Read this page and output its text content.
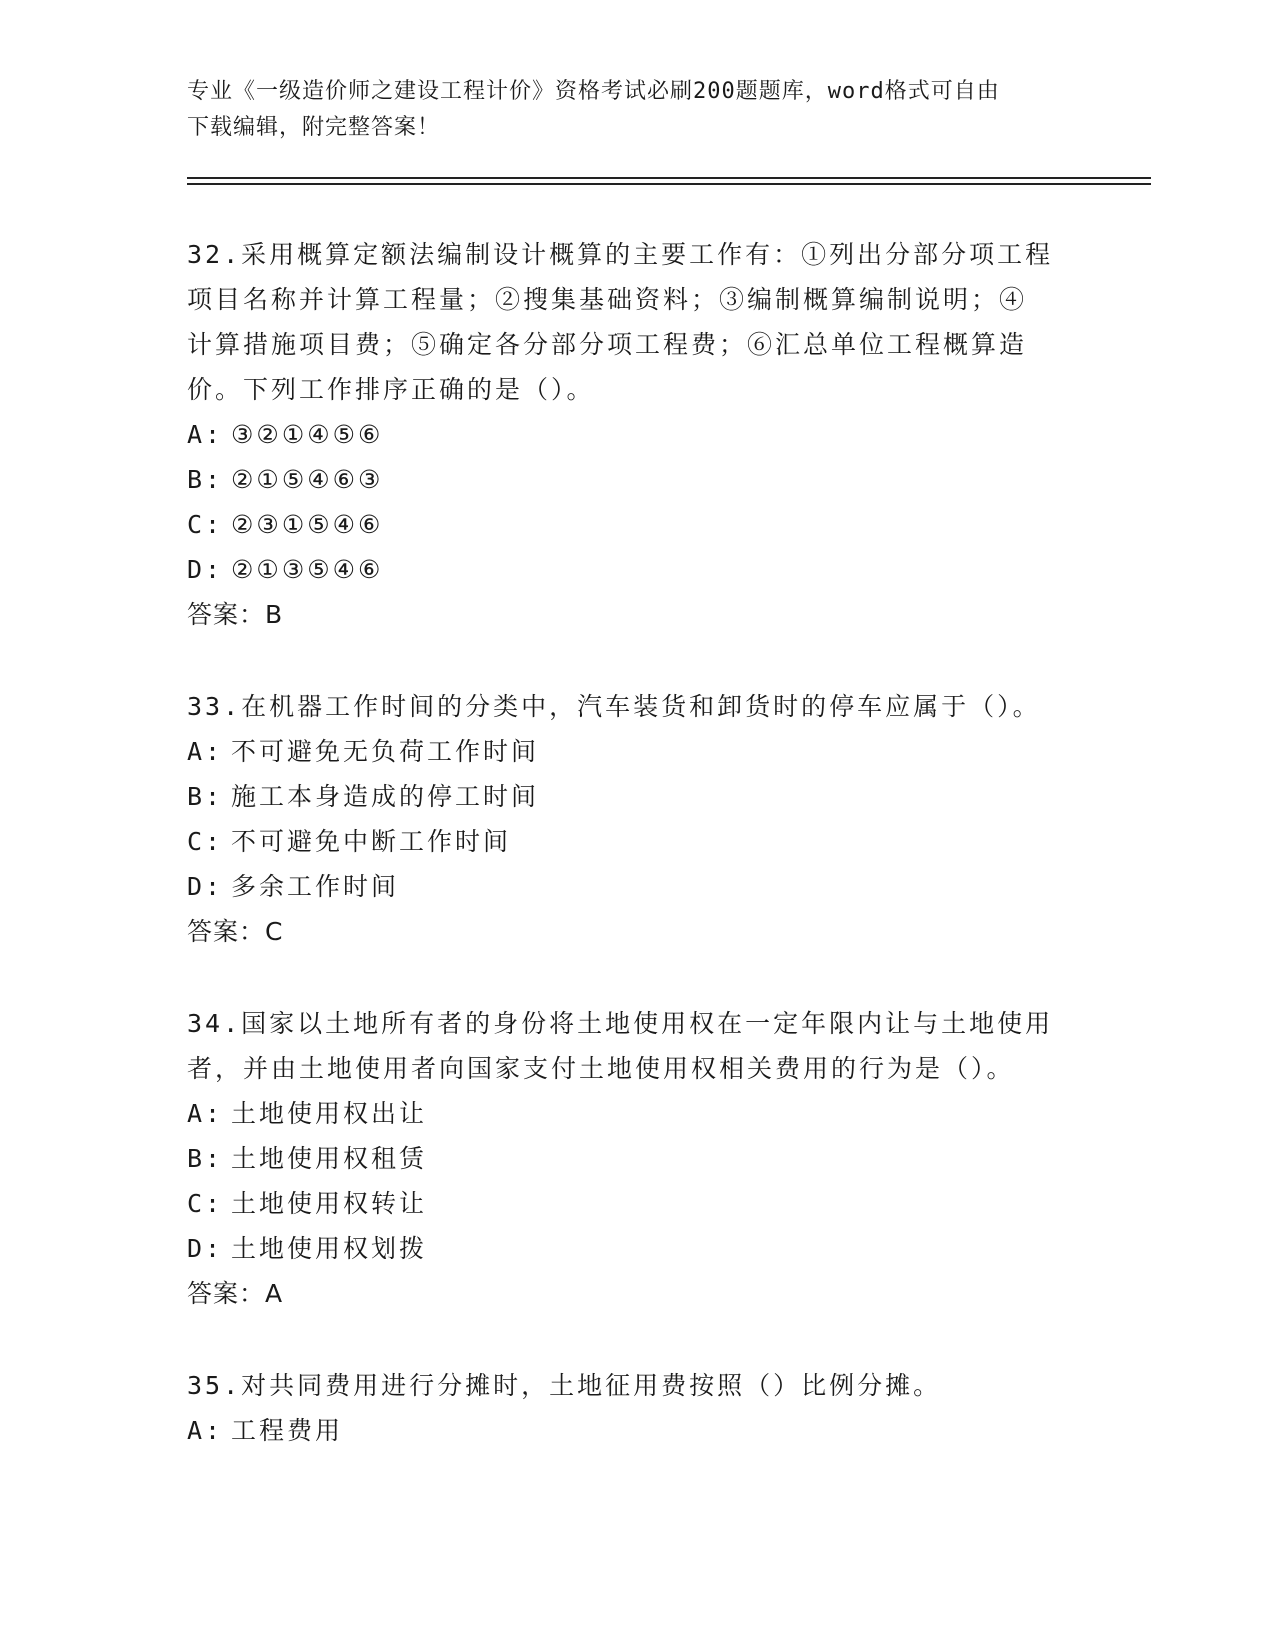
专业《一级造价师之建设工程计价》资格考试必刷200题题库，word格式可自由
下载编辑，附完整答案！
32.采用概算定额法编制设计概算的主要工作有：①列出分部分项工程
项目名称并计算工程量；②搜集基础资料；③编制概算编制说明；④
计算措施项目费；⑤确定各分部分项工程费；⑥汇总单位工程概算造
价。下列工作排序正确的是（）。
A: ③②①④⑤⑥
B: ②①⑤④⑥③
C: ②③①⑤④⑥
D: ②①③⑤④⑥
答案：B
33.在机器工作时间的分类中，汽车装货和卸货时的停车应属于（）。
A: 不可避免无负荷工作时间
B: 施工本身造成的停工时间
C: 不可避免中断工作时间
D: 多余工作时间
答案：C
34.国家以土地所有者的身份将土地使用权在一定年限内让与土地使用
者，并由土地使用者向国家支付土地使用权相关费用的行为是（）。
A: 土地使用权出让
B: 土地使用权租赁
C: 土地使用权转让
D: 土地使用权划拨
答案：A
35.对共同费用进行分摊时，土地征用费按照（）比例分摊。
A: 工程费用
